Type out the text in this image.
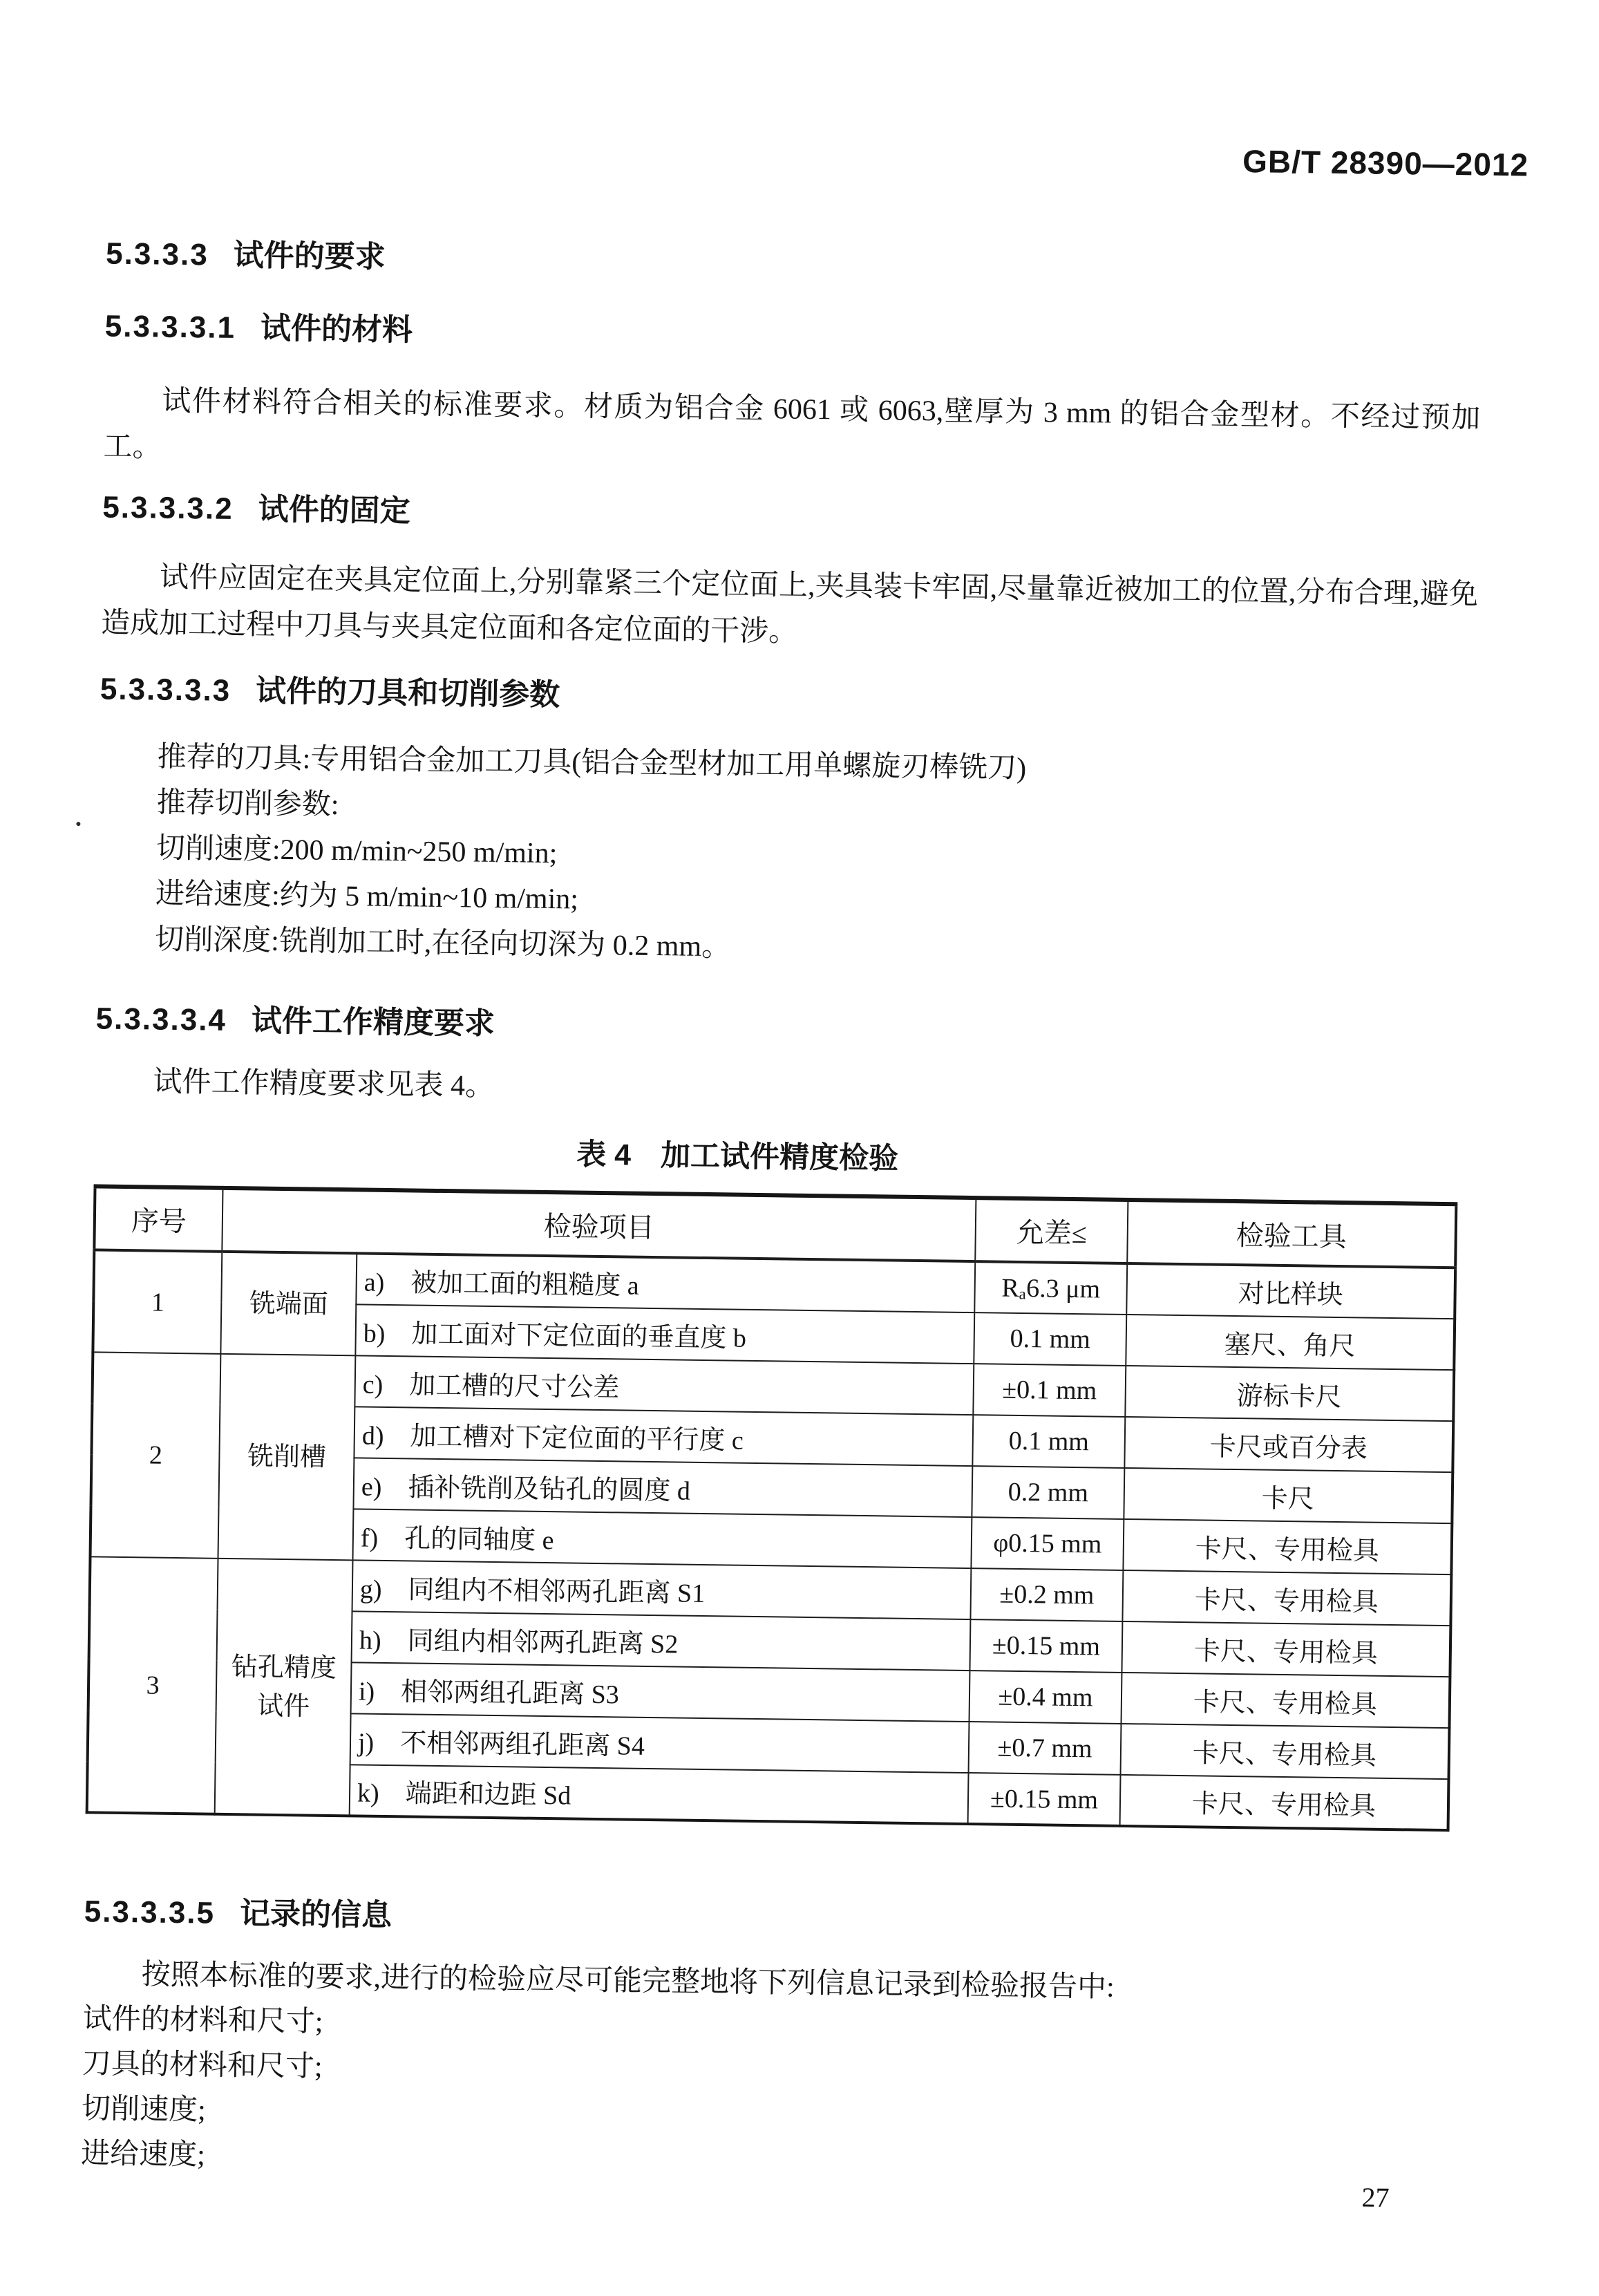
GB/T 28390—2012
5.3.3.3 试件的要求
5.3.3.3.1 试件的材料
试件材料符合相关的标准要求。材质为铝合金 6061 或 6063,壁厚为 3 mm 的铝合金型材。不经过预加工。
5.3.3.3.2 试件的固定
试件应固定在夹具定位面上,分别靠紧三个定位面上,夹具装卡牢固,尽量靠近被加工的位置,分布合理,避免造成加工过程中刀具与夹具定位面和各定位面的干涉。
5.3.3.3.3 试件的刀具和切削参数
推荐的刀具:专用铝合金加工刀具(铝合金型材加工用单螺旋刃棒铣刀)
推荐切削参数:
切削速度:200 m/min~250 m/min;
进给速度:约为 5 m/min~10 m/min;
切削深度:铣削加工时,在径向切深为 0.2 mm。
5.3.3.3.4 试件工作精度要求
试件工作精度要求见表 4。
表 4　加工试件精度检验
序号	检验项目		允差≤	检验工具
1	铣端面	a)　被加工面的粗糙度 a	Rₐ6.3 μm	对比样块
		b)　加工面对下定位面的垂直度 b	0.1 mm	塞尺、角尺
2	铣削槽	c)　加工槽的尺寸公差	±0.1 mm	游标卡尺
		d)　加工槽对下定位面的平行度 c	0.1 mm	卡尺或百分表
		e)　插补铣削及钻孔的圆度 d	0.2 mm	卡尺
		f)　孔的同轴度 e	φ0.15 mm	卡尺、专用检具
3	钻孔精度试件	g)　同组内不相邻两孔距离 S1	±0.2 mm	卡尺、专用检具
		h)　同组内相邻两孔距离 S2	±0.15 mm	卡尺、专用检具
		i)　相邻两组孔距离 S3	±0.4 mm	卡尺、专用检具
		j)　不相邻两组孔距离 S4	±0.7 mm	卡尺、专用检具
		k)　端距和边距 Sd	±0.15 mm	卡尺、专用检具
5.3.3.3.5 记录的信息
按照本标准的要求,进行的检验应尽可能完整地将下列信息记录到检验报告中:
试件的材料和尺寸;
刀具的材料和尺寸;
切削速度;
进给速度;
27
